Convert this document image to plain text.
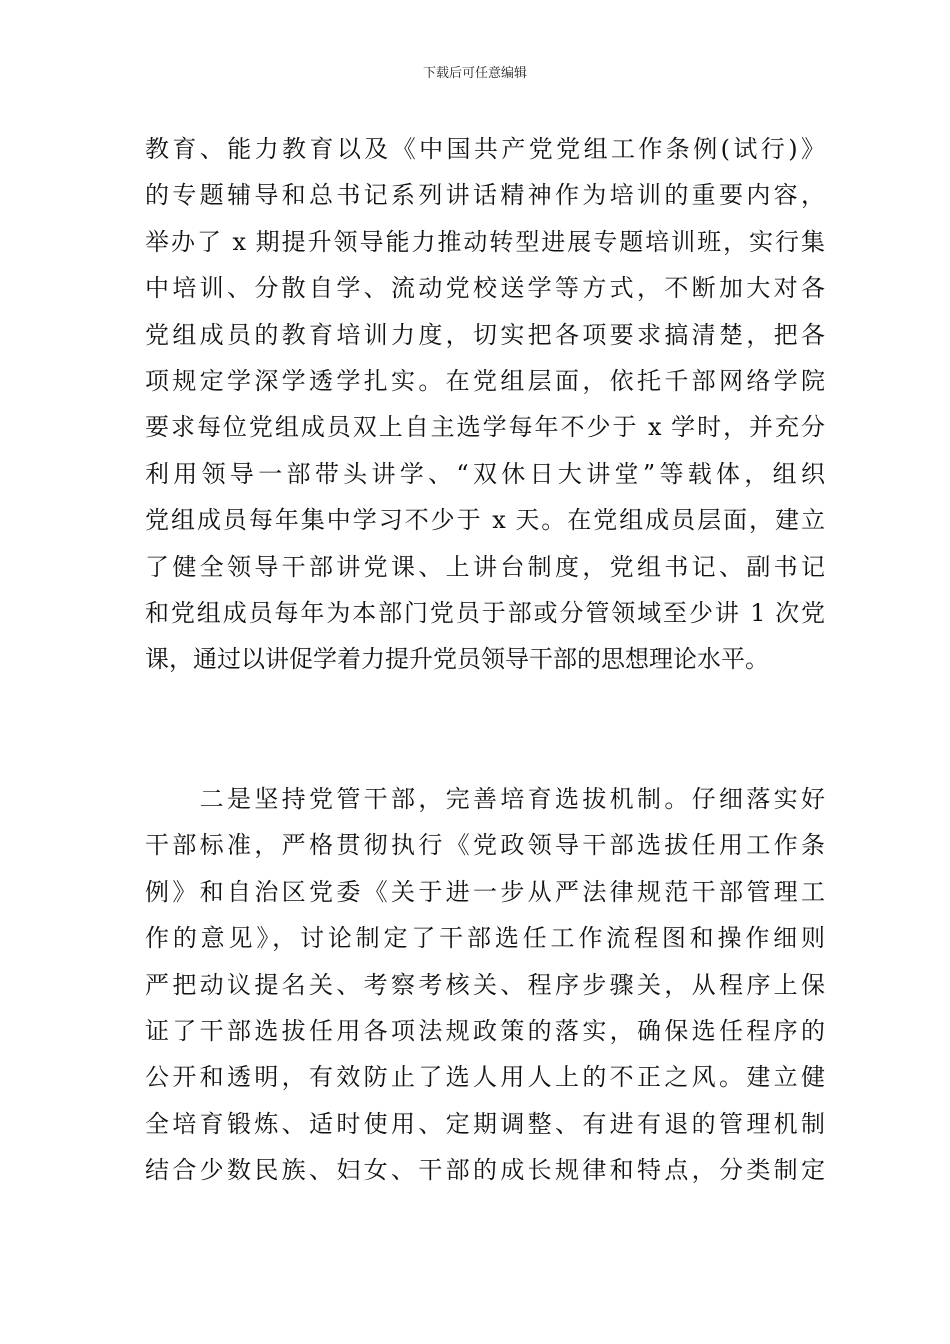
下载后可任意编辑
教育、能力教育以及《中国共产党党组工作条例(试行)》
的专题辅导和总书记系列讲话精神作为培训的重要内容，
举办了 x 期提升领导能力推动转型进展专题培训班，实行集
中培训、分散自学、流动党校送学等方式，不断加大对各
党组成员的教育培训力度，切实把各项要求搞清楚，把各
项规定学深学透学扎实。在党组层面，依托千部网络学院
要求每位党组成员双上自主选学每年不少于 x 学时，并充分
利用领导一部带头讲学、“双休日大讲堂”等载体，组织
党组成员每年集中学习不少于 x 天。在党组成员层面，建立
了健全领导干部讲党课、上讲台制度，党组书记、副书记
和党组成员每年为本部门党员于部或分管领域至少讲 1 次党
课，通过以讲促学着力提升党员领导干部的思想理论水平。
　　二是坚持党管干部，完善培育选拔机制。仔细落实好
干部标准，严格贯彻执行《党政领导干部选拔任用工作条
例》和自治区党委《关于进一步从严法律规范干部管理工
作的意见》，讨论制定了干部选任工作流程图和操作细则
严把动议提名关、考察考核关、程序步骤关，从程序上保
证了干部选拔任用各项法规政策的落实，确保选任程序的
公开和透明，有效防止了选人用人上的不正之风。建立健
全培育锻炼、适时使用、定期调整、有进有退的管理机制
结合少数民族、妇女、干部的成长规律和特点，分类制定
